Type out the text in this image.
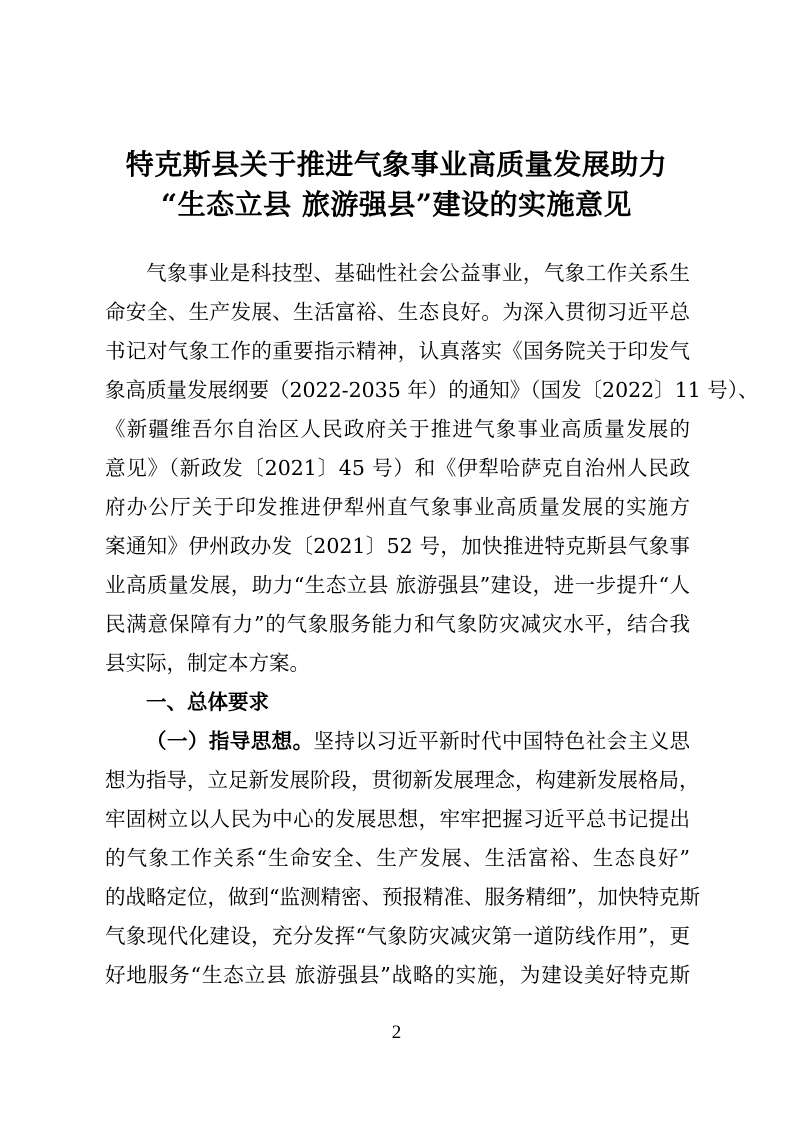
特克斯县关于推进气象事业高质量发展助力
“生态立县 旅游强县”建设的实施意见
气象事业是科技型、基础性社会公益事业，气象工作关系生
命安全、生产发展、生活富裕、生态良好。为深入贯彻习近平总
书记对气象工作的重要指示精神，认真落实《国务院关于印发气
象高质量发展纲要（2022-2035 年）的通知》（国发〔2022〕11 号）、
《新疆维吾尔自治区人民政府关于推进气象事业高质量发展的
意见》（新政发〔2021〕45 号）和《伊犁哈萨克自治州人民政
府办公厅关于印发推进伊犁州直气象事业高质量发展的实施方
案通知》伊州政办发〔2021〕52 号，加快推进特克斯县气象事
业高质量发展，助力“生态立县 旅游强县”建设，进一步提升“人
民满意保障有力”的气象服务能力和气象防灾减灾水平，结合我
县实际，制定本方案。
一、总体要求
（一）指导思想。坚持以习近平新时代中国特色社会主义思
想为指导，立足新发展阶段，贯彻新发展理念，构建新发展格局，
牢固树立以人民为中心的发展思想，牢牢把握习近平总书记提出
的气象工作关系“生命安全、生产发展、生活富裕、生态良好”
的战略定位，做到“监测精密、预报精准、服务精细”，加快特克斯
气象现代化建设，充分发挥“气象防灾减灾第一道防线作用”，更
好地服务“生态立县 旅游强县”战略的实施，为建设美好特克斯
2
